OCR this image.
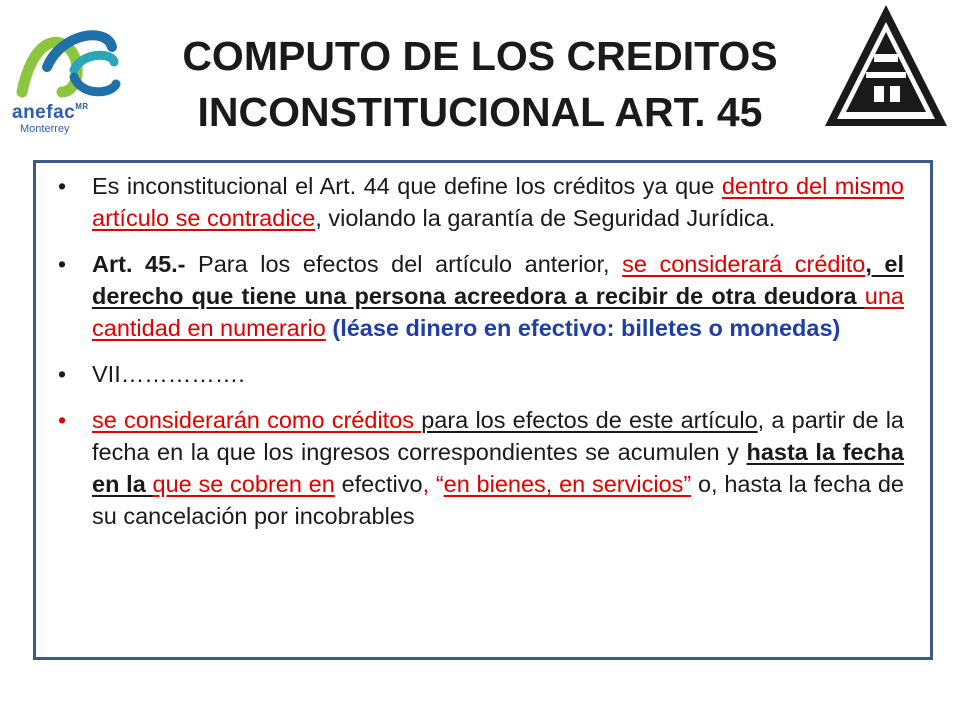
anefac$^{MR}$
Monterrey
COMPUTO DE LOS CREDITOS
INCONSTITUCIONAL ART. 45
• Es inconstitucional el Art. 44 que define los créditos ya que dentro del mismo artículo se contradice, violando la garantía de Seguridad Jurídica.
• Art. 45.- Para los efectos del artículo anterior, se considerará crédito, el derecho que tiene una persona acreedora a recibir de otra deudora una cantidad en numerario (léase dinero en efectivo: billetes o monedas)
• VII…………….
• se considerarán como créditos para los efectos de este artículo, a partir de la fecha en la que los ingresos correspondientes se acumulen y hasta la fecha en la que se cobren en efectivo, “en bienes, en servicios” o, hasta la fecha de su cancelación por incobrables
